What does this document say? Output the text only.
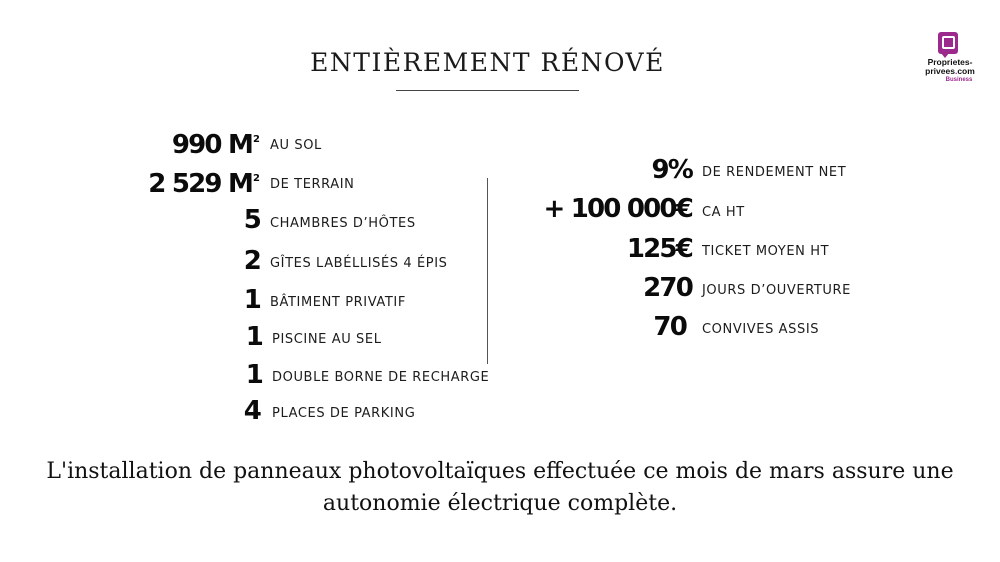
ENTIÈREMENT RÉNOVÉ	Proprietes-
privees.com
Business
990 $M^2$ AU SOL
2 529 $M^2$ DE TERRAIN
5 CHAMBRES D’HÔTES
2 GÎTES LABÉLLISÉS 4 ÉPIS
1 BÂTIMENT PRIVATIF
1 PISCINE AU SEL
1 DOUBLE BORNE DE RECHARGE
4 PLACES DE PARKING
9% DE RENDEMENT NET
+ 100 000€ CA HT
125€ TICKET MOYEN HT
270 JOURS D’OUVERTURE
70 CONVIVES ASSIS
L'installation de panneaux photovoltaïques effectuée ce mois de mars assure une autonomie électrique complète.
